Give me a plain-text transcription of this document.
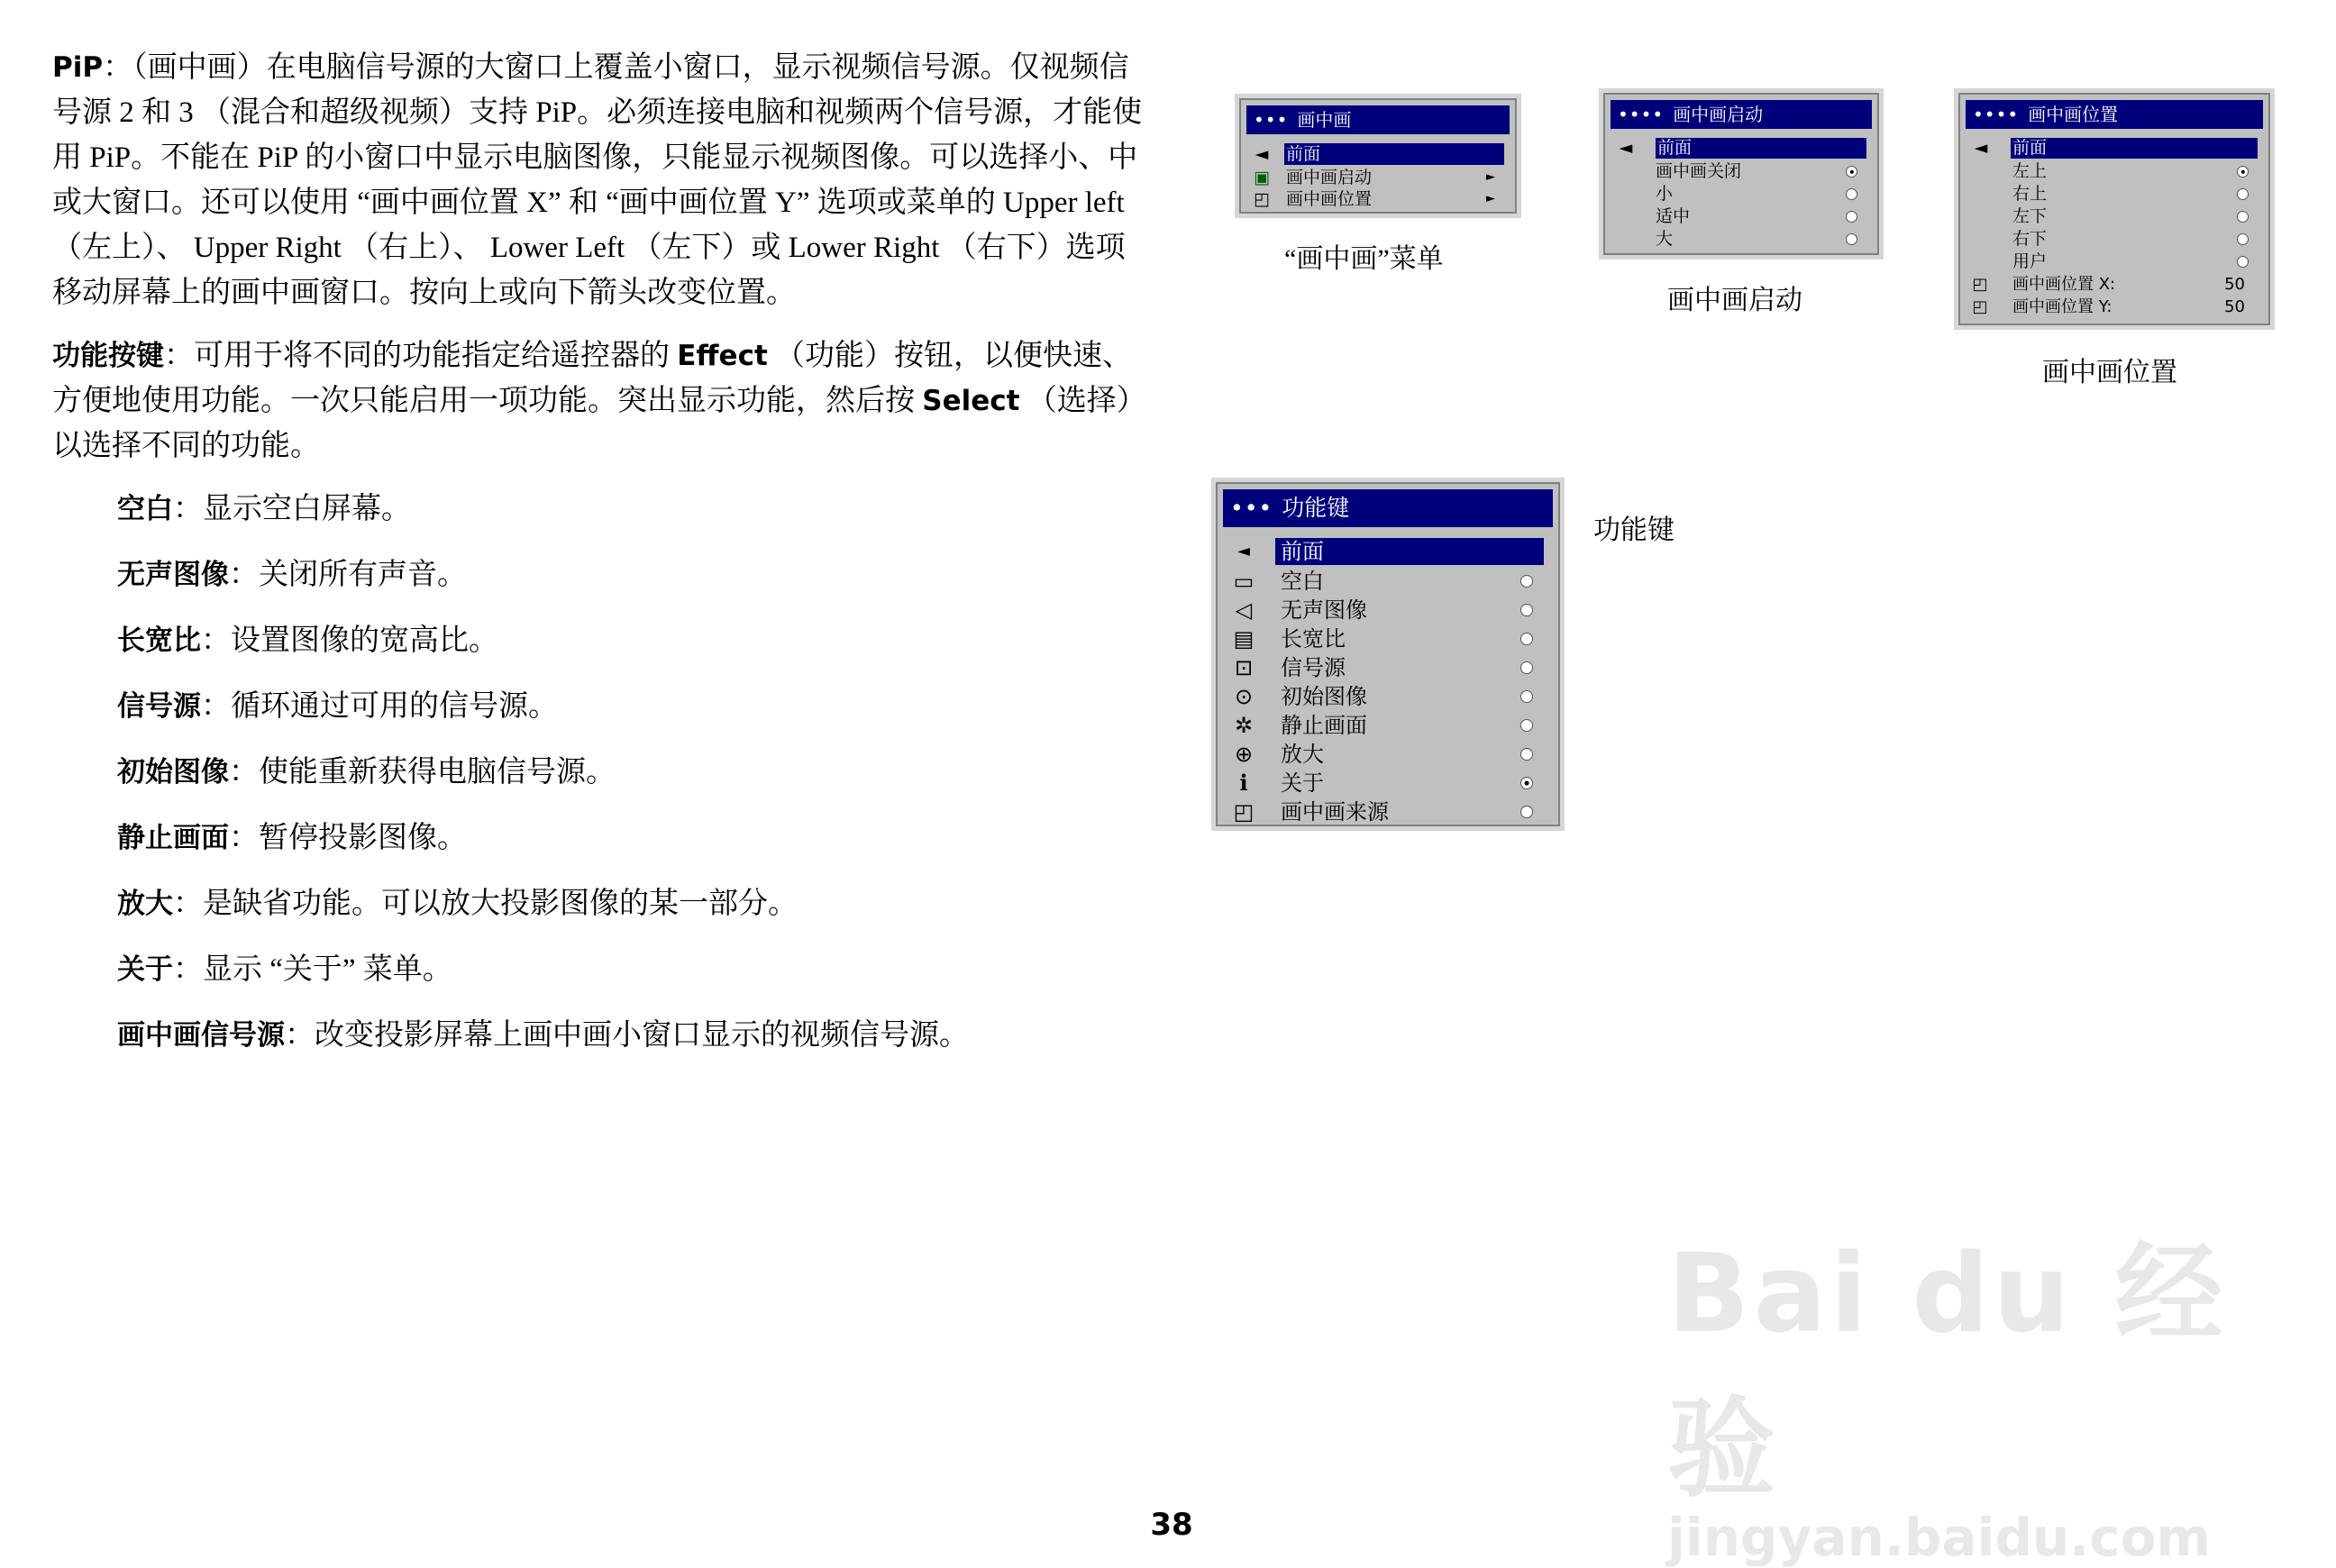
PiP：（画中画）在电脑信号源的大窗口上覆盖小窗口，显示视频信号源。仅视频信号源 2 和 3 （混合和超级视频）支持 PiP。必须连接电脑和视频两个信号源，才能使用 PiP。不能在 PiP 的小窗口中显示电脑图像，只能显示视频图像。可以选择小、中或大窗口。还可以使用 “画中画位置 X” 和 “画中画位置 Y” 选项或菜单的 Upper left （左上）、 Upper Right （右上）、 Lower Left （左下）或 Lower Right （右下）选项移动屏幕上的画中画窗口。按向上或向下箭头改变位置。

功能按键：可用于将不同的功能指定给遥控器的 Effect （功能）按钮，以便快速、方便地使用功能。一次只能启用一项功能。突出显示功能，然后按 Select （选择）以选择不同的功能。

空白：显示空白屏幕。

无声图像：关闭所有声音。

长宽比：设置图像的宽高比。

信号源：循环通过可用的信号源。

初始图像：使能重新获得电脑信号源。

静止画面：暂停投影图像。

放大：是缺省功能。可以放大投影图像的某一部分。

关于：显示 “关于” 菜单。

画中画信号源：改变投影屏幕上画中画小窗口显示的视频信号源。

••• 画中画
◄ 前面
▣ 画中画启动	►
◰ 画中画位置	►
“画中画”菜单
•••• 画中画启动
◄ 前面
画中画关闭
小
适中
大
画中画启动
•••• 画中画位置
◄ 前面
左上
右上
左下
右下
用户
◰ 画中画位置 X:	50
◰ 画中画位置 Y:	50
画中画位置
••• 功能键
◄ 前面
▭ 空白
◁ 无声图像
▤ 长宽比
⊡ 信号源
⊙ 初始图像
✲ 静止画面
⊕ 放大
i	关于
◰ 画中画来源
功能键
Bai du 经验
jingyan.baidu.com
38
